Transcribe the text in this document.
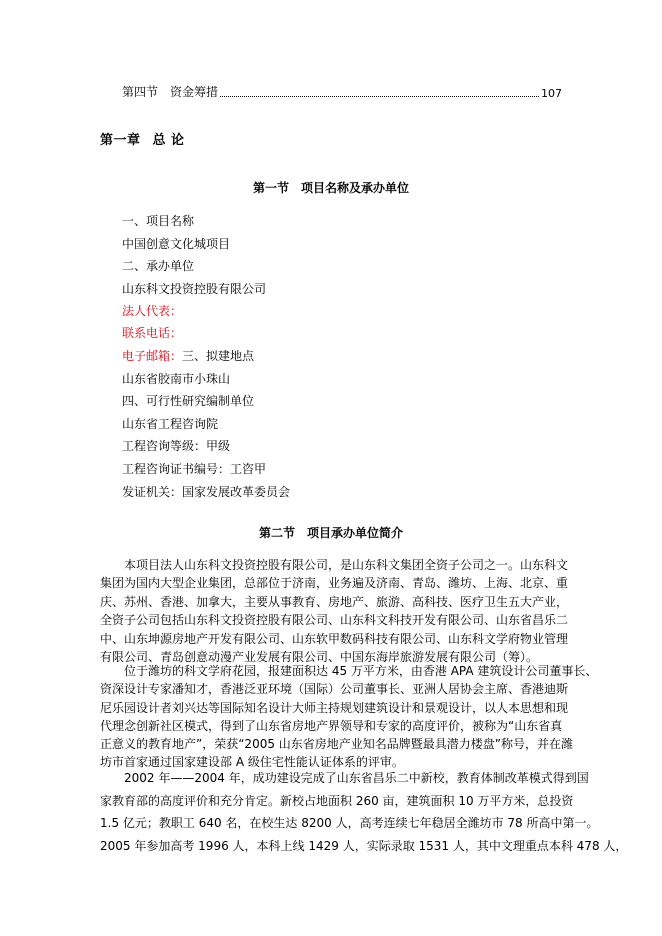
第四节 资金筹措	107
第一章 总 论
第一节 项目名称及承办单位
一、项目名称
中国创意文化城项目
二、承办单位
山东科文投资控股有限公司
法人代表：
联系电话：
电子邮箱：三、拟建地点
山东省胶南市小珠山
四、可行性研究编制单位
山东省工程咨询院
工程咨询等级：甲级
工程咨询证书编号：工咨甲
发证机关：国家发展改革委员会
第二节 项目承办单位简介
　　本项目法人山东科文投资控股有限公司，是山东科文集团全资子公司之一。山东科文
集团为国内大型企业集团，总部位于济南，业务遍及济南、青岛、潍坊、上海、北京、重
庆、苏州、香港、加拿大，主要从事教育、房地产、旅游、高科技、医疗卫生五大产业，
全资子公司包括山东科文投资控股有限公司、山东科文科技开发有限公司、山东省昌乐二
中、山东坤源房地产开发有限公司、山东软甲数码科技有限公司、山东科文学府物业管理
有限公司、青岛创意动漫产业发展有限公司、中国东海岸旅游发展有限公司（筹）。
　　位于潍坊的科文学府花园，报建面积达 45 万平方米，由香港 APA 建筑设计公司董事长、
资深设计专家潘知才，香港泛亚环境（国际）公司董事长、亚洲人居协会主席、香港迪斯
尼乐园设计者刘兴达等国际知名设计大师主持规划建筑设计和景观设计，以人本思想和现
代理念创新社区模式，得到了山东省房地产界领导和专家的高度评价，被称为“山东省真
正意义的教育地产”，荣获“2005 山东省房地产业知名品牌暨最具潜力楼盘”称号，并在潍
坊市首家通过国家建设部 A 级住宅性能认证体系的评审。
　　2002 年——2004 年，成功建设完成了山东省昌乐二中新校，教育体制改革模式得到国
家教育部的高度评价和充分肯定。新校占地面积 260 亩，建筑面积 10 万平方米，总投资
1.5 亿元；教职工 640 名，在校生达 8200 人，高考连续七年稳居全潍坊市 78 所高中第一。
2005 年参加高考 1996 人，本科上线 1429 人，实际录取 1531 人，其中文理重点本科 478 人，
